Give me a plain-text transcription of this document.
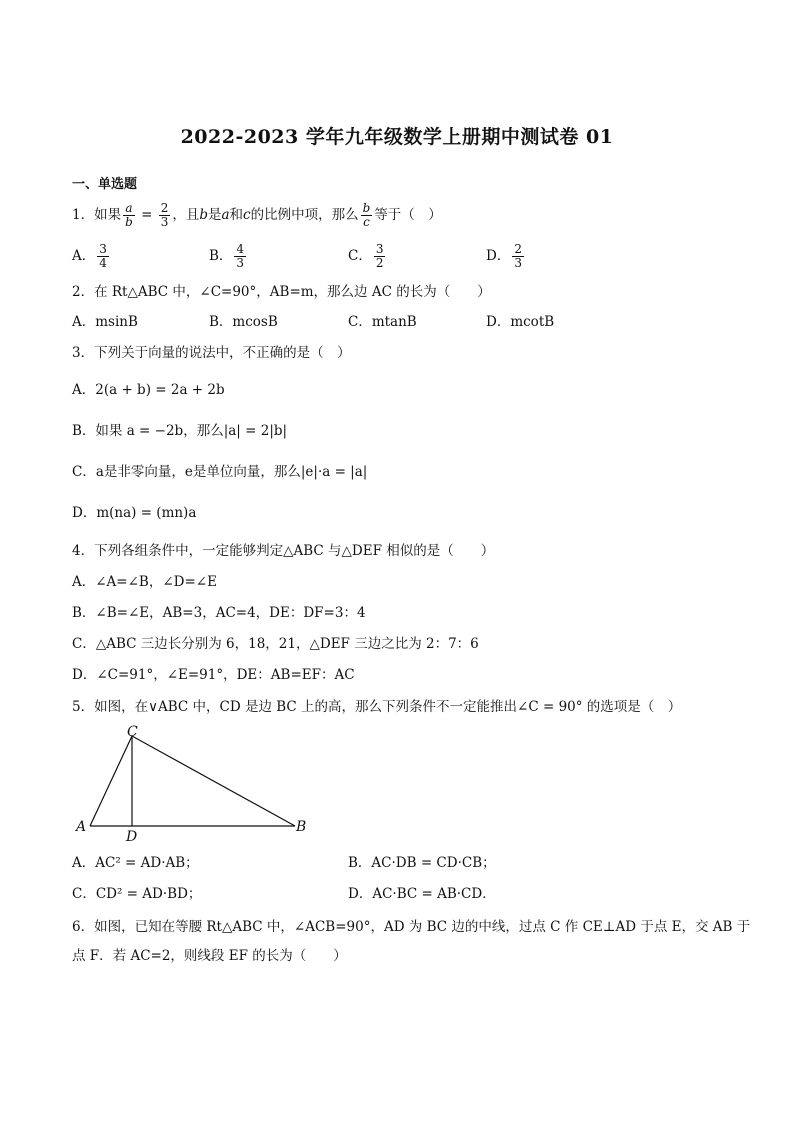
2022-2023 学年九年级数学上册期中测试卷 01
一、单选题
1．如果 $\frac{a}{b} = \frac{2}{3}$ ，且b是a和c的比例中项，那么 $\frac{b}{c}$ 等于（　）
A． $\frac{3}{4}$	B． $\frac{4}{3}$	C． $\frac{3}{2}$	D． $\frac{2}{3}$
2．在 Rt△ABC 中，∠C=90°，AB=m，那么边 AC 的长为（　　）
A．msinB	B．mcosB	C．mtanB	D．mcotB
3．下列关于向量的说法中，不正确的是（　）
A．2(a + b) = 2a + 2b
B．如果 a = −2b，那么|a| = 2|b|
C．a是非零向量，e是单位向量，那么|e|·a = |a|
D．m(na) = (mn)a
4．下列各组条件中，一定能够判定△ABC 与△DEF 相似的是（　　）
A．∠A=∠B，∠D=∠E
B．∠B=∠E，AB=3，AC=4，DE：DF=3：4
C．△ABC 三边长分别为 6，18，21，△DEF 三边之比为 2：7：6
D．∠C=91°，∠E=91°，DE：AB=EF：AC
5．如图，在∨ABC 中，CD 是边 BC 上的高，那么下列条件不一定能推出∠C = 90° 的选项是（　）
C
A
D
B
A．AC² = AD·AB；	B．AC·DB = CD·CB；
C．CD² = AD·BD；	D．AC·BC = AB·CD．
6．如图，已知在等腰 Rt△ABC 中，∠ACB=90°，AD 为 BC 边的中线，过点 C 作 CE⊥AD 于点 E，交 AB 于
点 F．若 AC=2，则线段 EF 的长为（　　）
